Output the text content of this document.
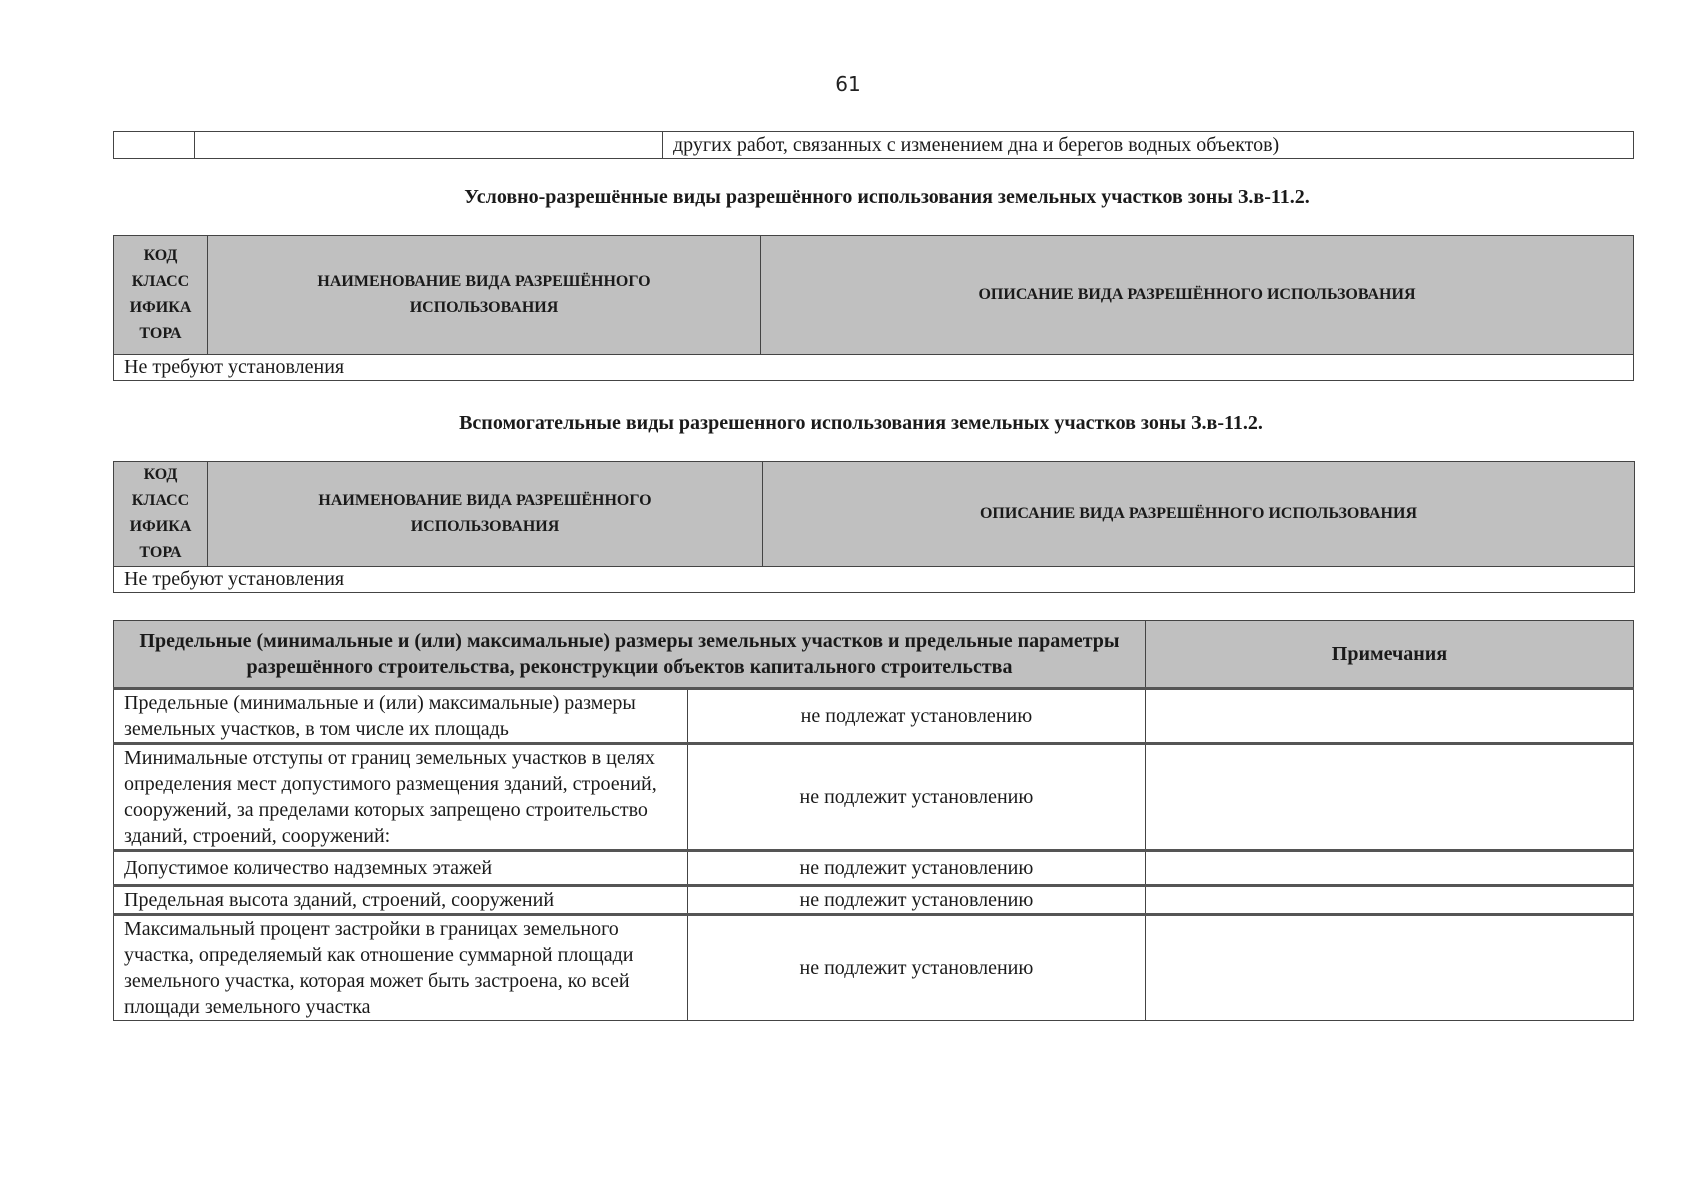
61
		других работ, связанных с изменением дна и берегов водных объектов)
Условно-разрешённые виды разрешённого использования земельных участков зоны З.в-11.2.
КОД
КЛАСС
ИФИКА
ТОРА
	НАИМЕНОВАНИЕ ВИДА РАЗРЕШЁННОГО ИСПОЛЬЗОВАНИЯ	ОПИСАНИЕ ВИДА РАЗРЕШЁННОГО ИСПОЛЬЗОВАНИЯ
Не требуют установления
Вспомогательные виды разрешенного использования земельных участков зоны З.в-11.2.
КОД
КЛАСС
ИФИКА
ТОРА
	НАИМЕНОВАНИЕ ВИДА РАЗРЕШЁННОГО ИСПОЛЬЗОВАНИЯ	ОПИСАНИЕ ВИДА РАЗРЕШЁННОГО ИСПОЛЬЗОВАНИЯ
Не требуют установления
Предельные (минимальные и (или) максимальные) размеры земельных участков и предельные параметры разрешённого строительства, реконструкции объектов капитального строительства		Примечания
Предельные (минимальные и (или) максимальные) размеры земельных участков, в том числе их площадь	не подлежат установлению	
Минимальные отступы от границ земельных участков в целях определения мест допустимого размещения зданий, строений, сооружений, за пределами которых запрещено строительство зданий, строений, сооружений:	не подлежит установлению	
Допустимое количество надземных этажей	не подлежит установлению	
Предельная высота зданий, строений, сооружений	не подлежит установлению	
Максимальный процент застройки в границах земельного участка, определяемый как отношение суммарной площади земельного участка, которая может быть застроена, ко всей площади земельного участка	не подлежит установлению	
